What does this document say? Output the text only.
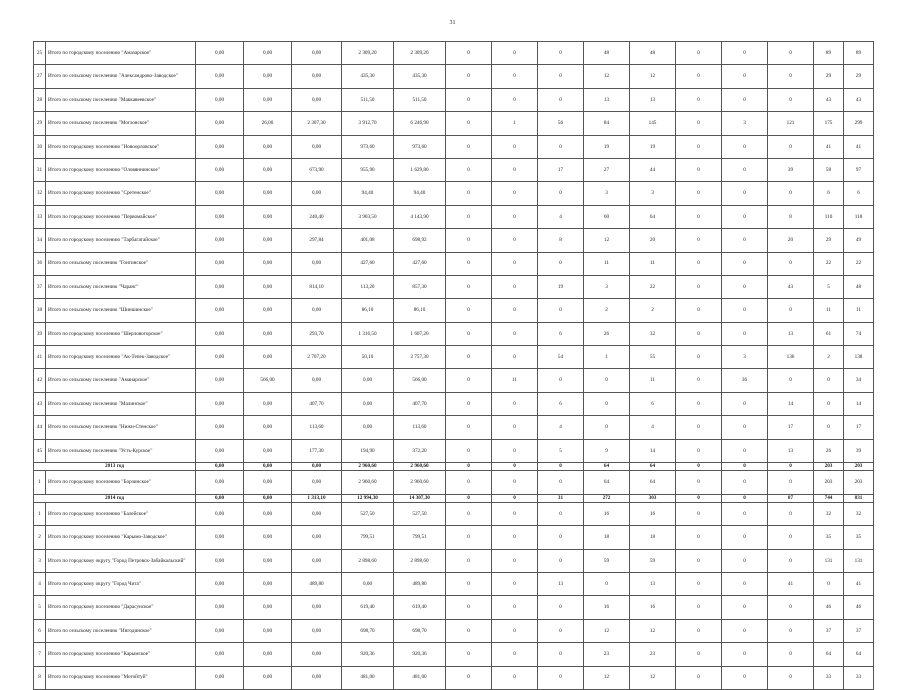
31
25	Итого по городскому поселению "Амазарское"	0,00	0,00	0,00	2 309,20	2 309,20	0	0	0	48	48	0	0	0	89	89
27	Итого по сельскому поселению "Александрово-Заводское"	0,00	0,00	0,00	435,30	435,30	0	0	0	12	12	0	0	0	29	29
28	Итого по сельскому поселению "Маккавеевское"	0,00	0,00	0,00	511,50	511,50	0	0	0	13	13	0	0	0	43	43
29	Итого по сельскому поселению "Могзонское"	0,00	26,00	2 307,30	3 912,70	6 246,90	0	1	56	84	145	0	3	121	175	299
30	Итого по городскому поселению "Новоорловское"	0,00	0,00	0,00	973,60	973,60	0	0	0	19	19	0	0	0	41	41
31	Итого по городскому поселению "Оловяннинское"	0,00	0,00	673,90	955,90	1 629,80	0	0	17	27	44	0	0	39	58	97
32	Итого по городскому поселению "Сретенское"	0,00	0,00	0,00	94,40	94,40	0	0	0	3	3	0	0	0	6	6
33	Итого по городскому поселению "Первомайское"	0,00	0,00	240,40	3 903,50	4 143,90	0	0	4	60	64	0	0	8	110	118
34	Итого по городскому поселению "Тарбагатайское"	0,00	0,00	297,84	401,08	698,92	0	0	8	12	20	0	0	20	29	49
36	Итого по сельскому поселению "Гонгинское"	0,00	0,00	0,00	427,60	427,60	0	0	0	11	11	0	0	0	22	22
37	Итого по сельскому поселению "Чаранг"	0,00	0,00	814,10	113,20	857,30	0	0	19	3	22	0	0	43	5	48
38	Итого по сельскому поселению "Шиншинское"	0,00	0,00	0,00	86,10	86,10	0	0	0	2	2	0	0	0	11	11
39	Итого по городскому поселению "Шерловогорское"	0,00	0,00	293,70	1 316,50	1 607,20	0	0	6	26	32	0	0	13	61	74
41	Итого по городскому поселению "Ак-Тепек-Заводское"	0,00	0,00	2 707,20	50,10	2 757,30	0	0	54	1	55	0	3	136	2	138
42	Итого по сельскому поселению "Аманарское"	0,00	566,00	0,00	0,00	566,00	0	11	0	0	11	0	36	0	0	34
43	Итого по сельскому поселению "Малинское"	0,00	0,00	407,70	0,00	407,70	0	0	6	0	6	0	0	14	0	14
44	Итого по сельскому поселению "Нижн-Стенское"	0,00	0,00	113,60	0,00	113,60	0	0	4	0	4	0	0	17	0	17
45	Итого по сельскому поселению "Усть-Курское"	0,00	0,00	177,30	194,90	372,20	0	0	5	9	14	0	0	13	26	39
2013 год		0,00	0,00	0,00	2 960,60	2 960,60	0	0	0	64	64	0	0	0	203	203
1	Итого по городскому поселению "Борзинское"	0,00	0,00	0,00	2 960,60	2 960,60	0	0	0	64	64	0	0	0	203	203
2014 год		0,00	0,00	1 313,10	12 994,30	14 307,30	0	0	31	272	303	0	0	87	744	831
1	Итого по городскому поселению "Балейское"	0,00	0,00	0,00	527,50	527,50	0	0	0	16	16	0	0	0	32	32
2	Итого по городскому поселению "Карымо-Заводское"	0,00	0,00	0,00	799,51	799,51	0	0	0	18	18	0	0	0	35	35
3	Итого по городскому округу "Город Петровск-Забайкальский"	0,00	0,00	0,00	2 898,60	2 898,60	0	0	0	59	59	0	0	0	131	131
4	Итого по городскому округу "Город Чита"	0,00	0,00	489,80	0,00	489,80	0	0	13	0	13	0	0	41	0	41
5	Итого по городскому поселению "Дарасунское"	0,00	0,00	0,00	619,40	619,40	0	0	0	16	16	0	0	0	46	46
6	Итого по сельскому поселению "Ингодинское"	0,00	0,00	0,00	698,70	698,70	0	0	0	12	12	0	0	0	37	37
7	Итого по городскому поселению "Карымское"	0,00	0,00	0,00	920,36	920,36	0	0	0	23	23	0	0	0	64	64
8	Итого по городскому поселению "Могойтуй"	0,00	0,00	0,00	481,00	481,00	0	0	0	12	12	0	0	0	33	33
